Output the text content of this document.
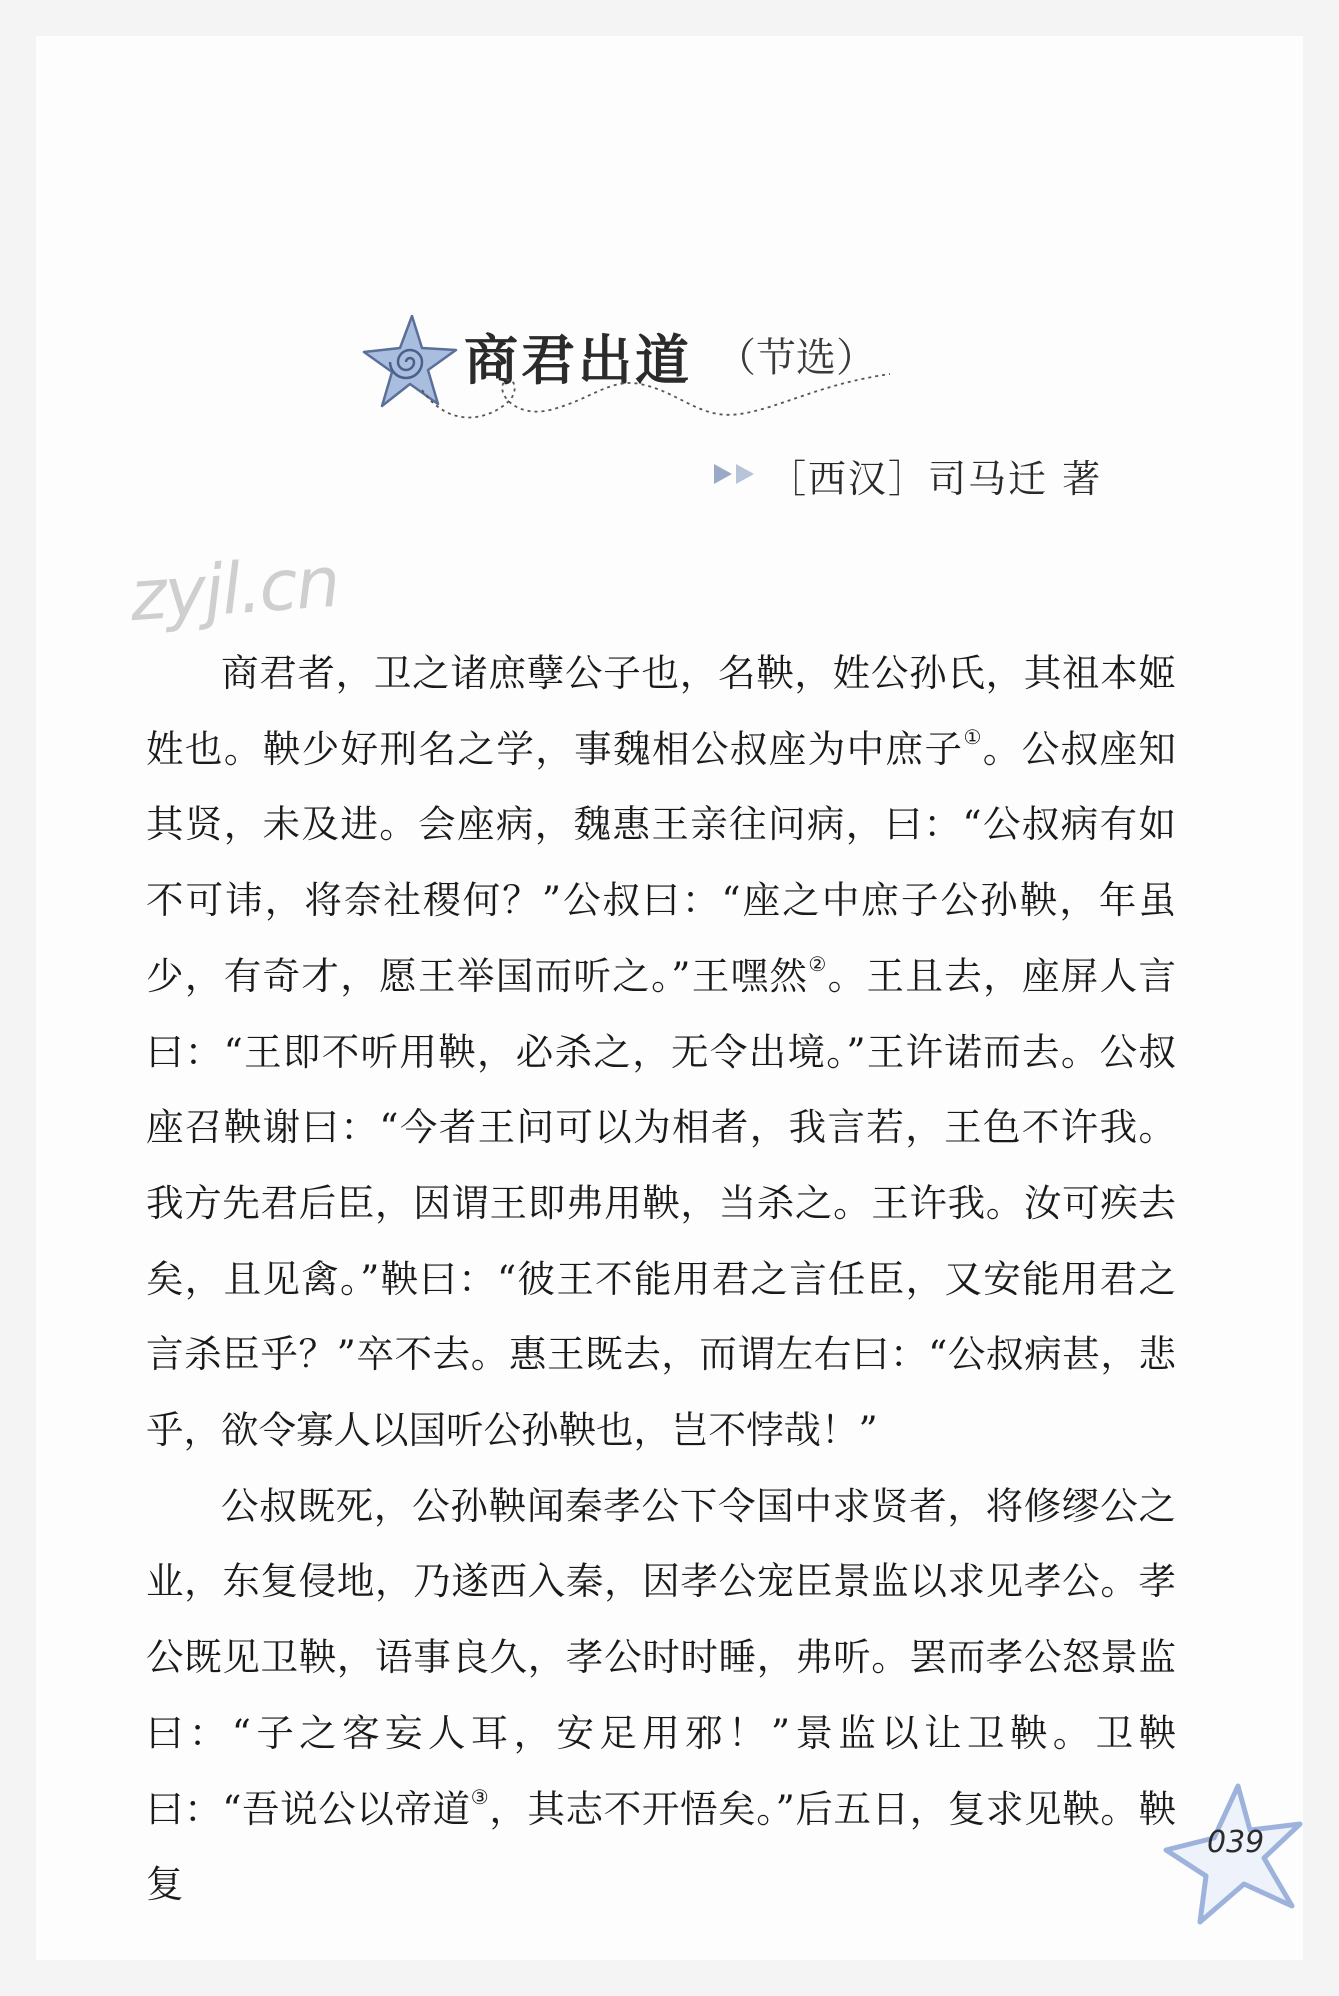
商君出道 （节选）
［西汉］司马迁 著
zyjl.cn

商君者，卫之诸庶孽公子也，名鞅，姓公孙氏，其祖本姬姓也。鞅少好刑名之学，事魏相公叔座为中庶子①。公叔座知其贤，未及进。会座病，魏惠王亲往问病，曰：“公叔病有如不可讳，将奈社稷何？”公叔曰：“座之中庶子公孙鞅，年虽少，有奇才，愿王举国而听之。”王嘿然②。王且去，座屏人言曰：“王即不听用鞅，必杀之，无令出境。”王许诺而去。公叔座召鞅谢曰：“今者王问可以为相者，我言若，王色不许我。我方先君后臣，因谓王即弗用鞅，当杀之。王许我。汝可疾去矣，且见禽。”鞅曰：“彼王不能用君之言任臣，又安能用君之言杀臣乎？”卒不去。惠王既去，而谓左右曰：“公叔病甚，悲乎，欲令寡人以国听公孙鞅也，岂不悖哉！”

公叔既死，公孙鞅闻秦孝公下令国中求贤者，将修缪公之业，东复侵地，乃遂西入秦，因孝公宠臣景监以求见孝公。孝公既见卫鞅，语事良久，孝公时时睡，弗听。罢而孝公怒景监曰：“子之客妄人耳，安足用邪！”景监以让卫鞅。卫鞅曰：“吾说公以帝道③，其志不开悟矣。”后五日，复求见鞅。鞅复

039
